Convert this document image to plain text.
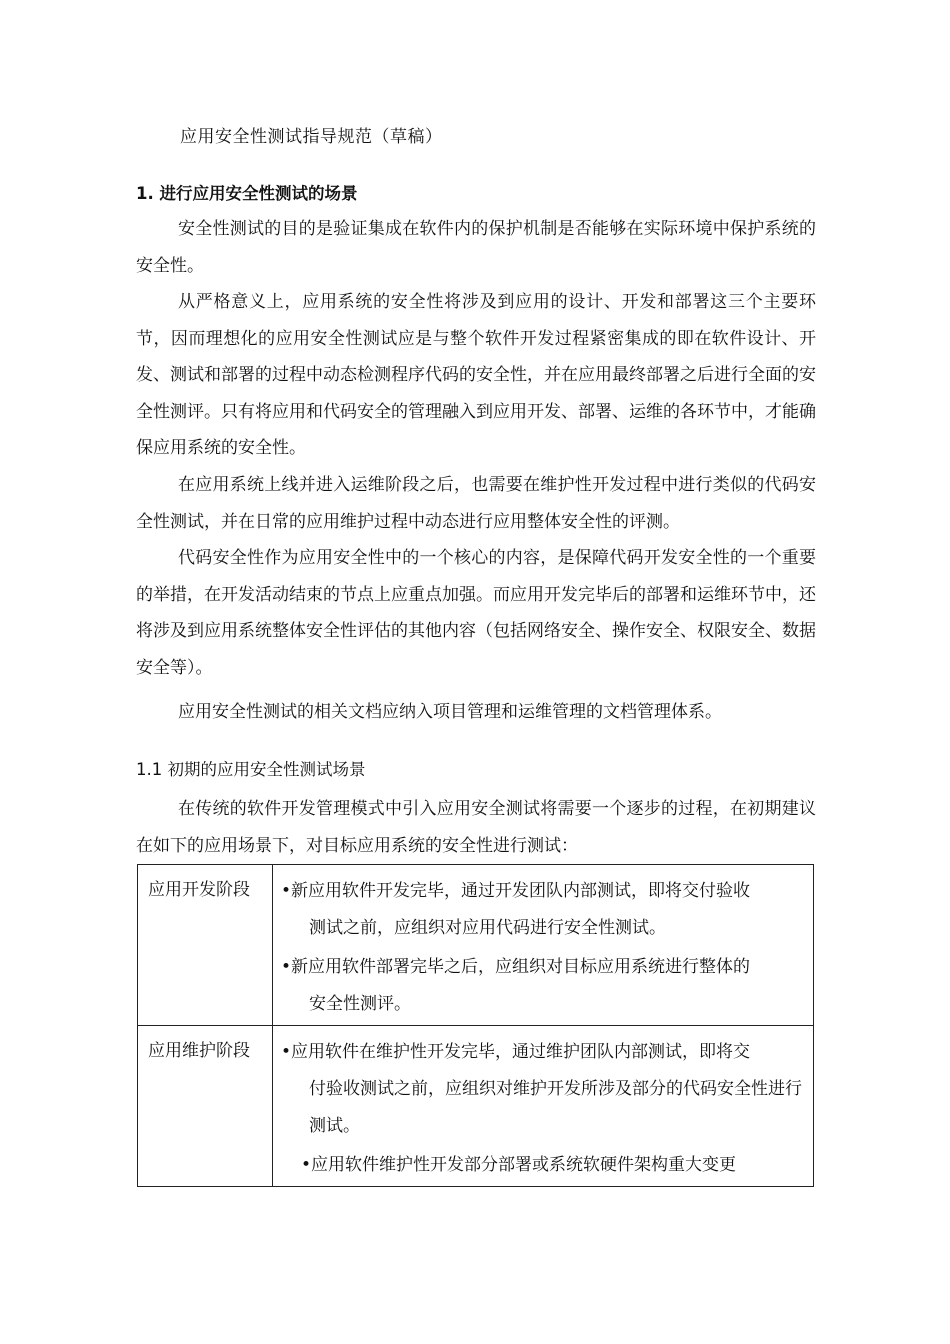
应用安全性测试指导规范（草稿）
1. 进行应用安全性测试的场景

安全性测试的目的是验证集成在软件内的保护机制是否能够在实际环境中保护系统的安全性。

从严格意义上，应用系统的安全性将涉及到应用的设计、开发和部署这三个主要环节，因而理想化的应用安全性测试应是与整个软件开发过程紧密集成的即在软件设计、开发、测试和部署的过程中动态检测程序代码的安全性，并在应用最终部署之后进行全面的安全性测评。只有将应用和代码安全的管理融入到应用开发、部署、运维的各环节中，才能确保应用系统的安全性。

在应用系统上线并进入运维阶段之后，也需要在维护性开发过程中进行类似的代码安全性测试，并在日常的应用维护过程中动态进行应用整体安全性的评测。

代码安全性作为应用安全性中的一个核心的内容，是保障代码开发安全性的一个重要的举措，在开发活动结束的节点上应重点加强。而应用开发完毕后的部署和运维环节中，还将涉及到应用系统整体安全性评估的其他内容（包括网络安全、操作安全、权限安全、数据安全等）。

应用安全性测试的相关文档应纳入项目管理和运维管理的文档管理体系。

1.1 初期的应用安全性测试场景

在传统的软件开发管理模式中引入应用安全测试将需要一个逐步的过程，在初期建议在如下的应用场景下，对目标应用系统的安全性进行测试：

应用开发阶段	•新应用软件开发完毕，通过开发团队内部测试，即将交付验收
测试之前，应组织对应用代码进行安全性测试。
•新应用软件部署完毕之后，应组织对目标应用系统进行整体的
安全性测评。

应用维护阶段	•应用软件在维护性开发完毕，通过维护团队内部测试，即将交
付验收测试之前，应组织对维护开发所涉及部分的代码安全性进行测试。
•应用软件维护性开发部分部署或系统软硬件架构重大变更
